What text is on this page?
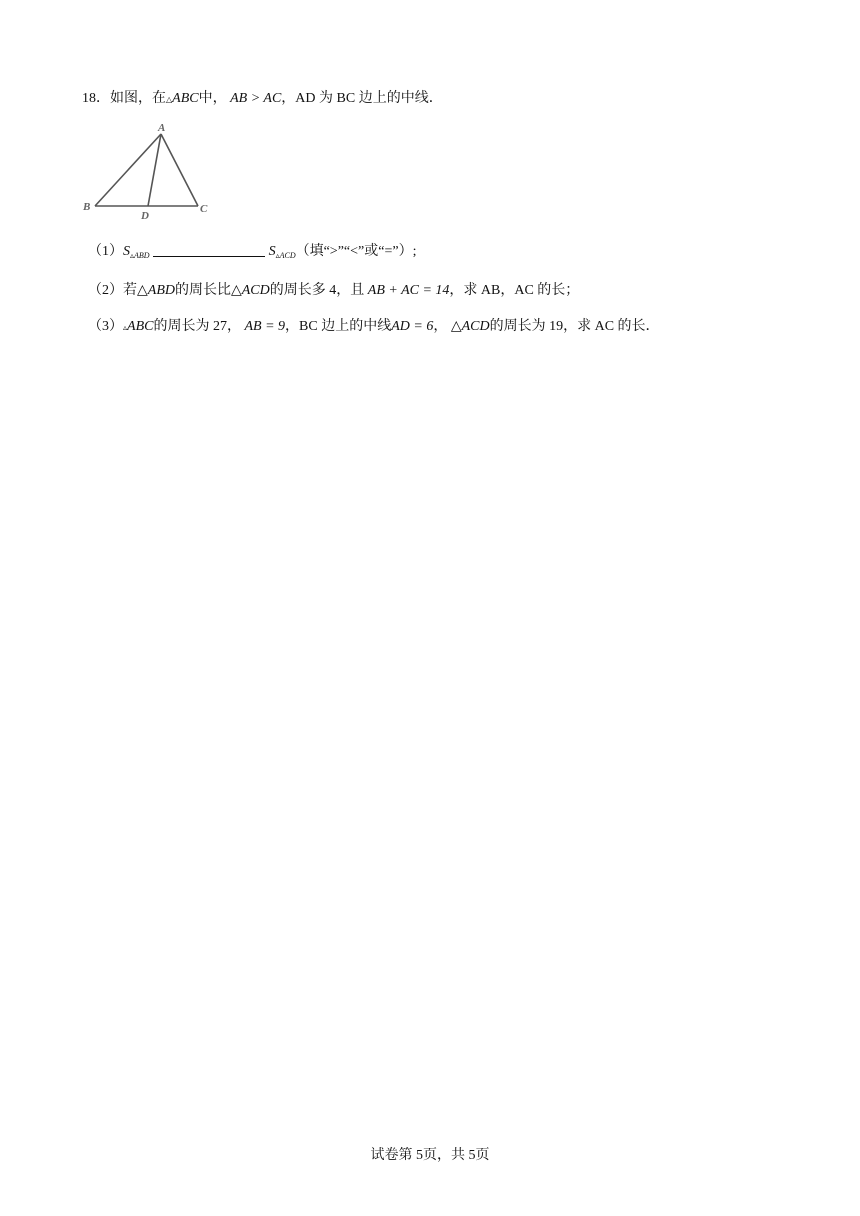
18．如图，在△ABC中， AB > AC，AD 为 BC 边上的中线．
A
B	C
D
$(1)S_{▵ABD}$	$S_{▵ACD}$（填“>”“<”或“=”）;
（2）若△ABD的周长比△ACD的周长多 4，且 AB + AC = 14，求 AB，AC 的长；
（3）▵ABC的周长为 27， AB = 9，BC 边上的中线AD = 6， △ACD的周长为 19，求 AC 的长．
试卷第 5页，共 5页
